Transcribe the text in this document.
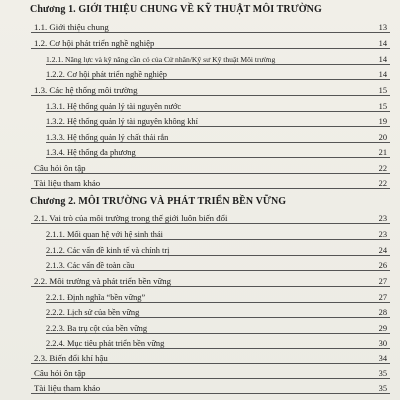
Chương 1. GIỚI THIỆU CHUNG VỀ KỸ THUẬT MÔI TRƯỜNG
1.1. Giới thiệu chung	13
1.2. Cơ hội phát triển nghề nghiệp	14
1.2.1. Năng lực và kỹ năng cần có của Cử nhân/Kỹ sư Kỹ thuật Môi trường	14
1.2.2. Cơ hội phát triển nghề nghiệp	14
1.3. Các hệ thống môi trường	15
1.3.1. Hệ thống quản lý tài nguyên nước	15
1.3.2. Hệ thống quản lý tài nguyên không khí	19
1.3.3. Hệ thống quản lý chất thải rắn	20
1.3.4. Hệ thống đa phương	21
Câu hỏi ôn tập	22
Tài liệu tham khảo	22
Chương 2. MÔI TRƯỜNG VÀ PHÁT TRIỂN BỀN VỮNG
2.1. Vai trò của môi trường trong thế giới luôn biến đổi	23
2.1.1. Mối quan hệ với hệ sinh thái	23
2.1.2. Các vấn đề kinh tế và chính trị	24
2.1.3. Các vấn đề toàn cầu	26
2.2. Môi trường và phát triển bền vững	27
2.2.1. Định nghĩa “bền vững”	27
2.2.2. Lịch sử của bền vững	28
2.2.3. Ba trụ cột của bền vững	29
2.2.4. Mục tiêu phát triển bền vững	30
2.3. Biến đổi khí hậu	34
Câu hỏi ôn tập	35
Tài liệu tham khảo	35
